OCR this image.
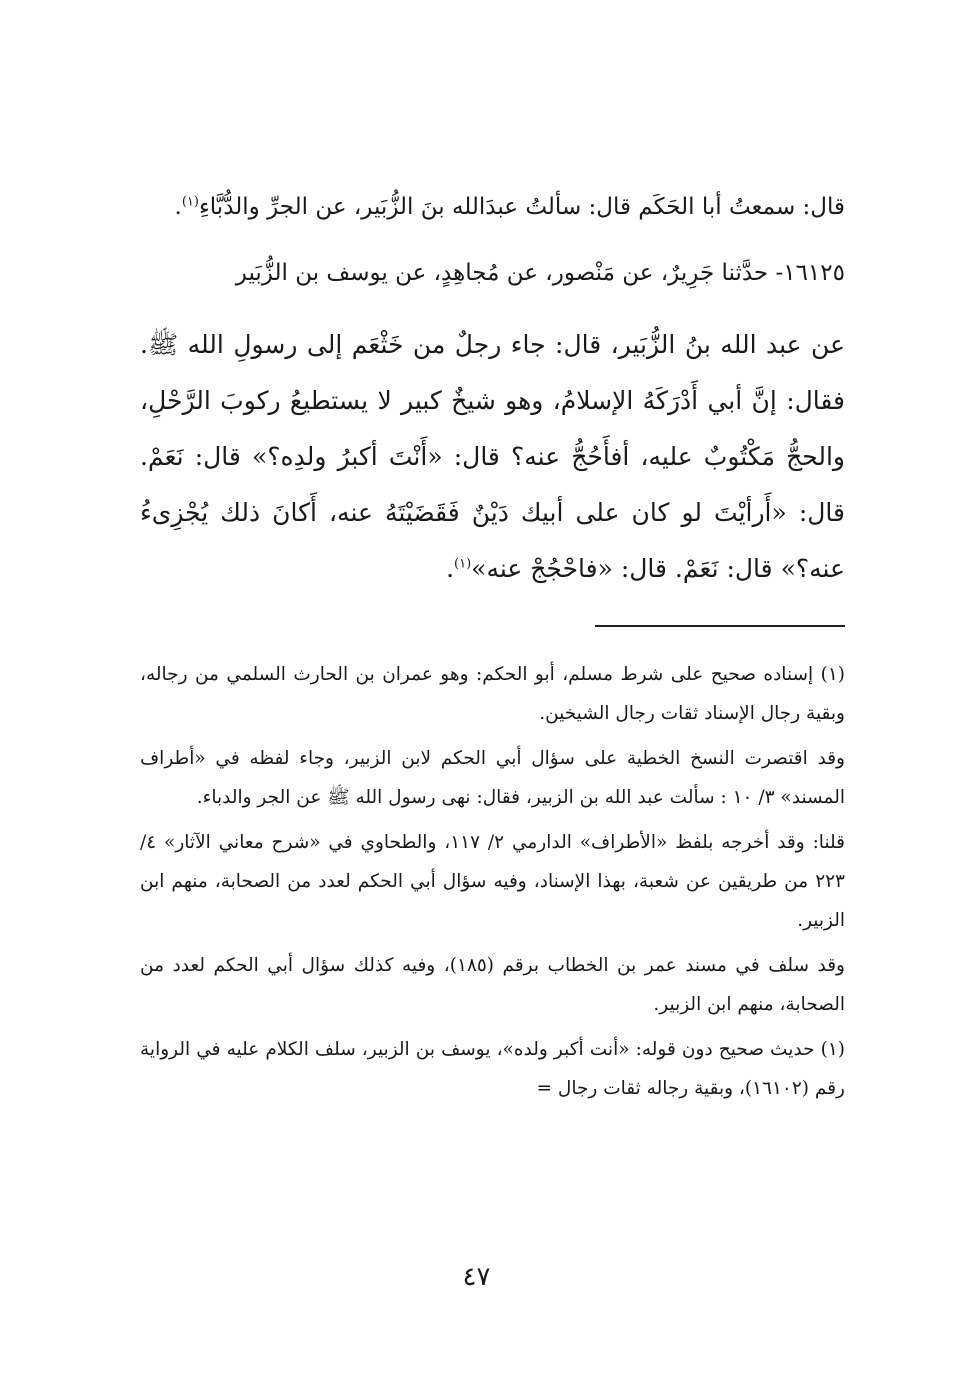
قال: سمعتُ أبا الحَكَم قال: سألتُ عبدَالله بنَ الزُّبَير، عن الجرِّ والدُّبَّاءِ$^{(١)}$.

١٦١٢٥- حدَّثنا جَرِيرٌ، عن مَنْصور، عن مُجاهِدٍ، عن يوسف بن الزُّبَير

عن عبد الله بنُ الزُّبَير، قال: جاء رجلٌ من خَثْعَم إلى رسولِ الله ﷺ. فقال: إنَّ أبي أَدْرَكَهُ الإسلامُ، وهو شيخٌ كبير لا يستطيعُ ركوبَ الرَّحْلِ، والحجُّ مَكْتُوبٌ عليه، أفأَحُجُّ عنه؟ قال: «أَنْتَ أكبرُ ولدِه؟» قال: نَعَمْ. قال: «أَرأيْتَ لو كان على أبيك دَيْنٌ فَقَضَيْتَهُ عنه، أَكانَ ذلك يُجْزِىءُ عنه؟» قال: نَعَمْ. قال: «فاحْجُجْ عنه»$^{(١)}$.

(١) إسناده صحيح على شرط مسلم، أبو الحكم: وهو عمران بن الحارث السلمي من رجاله، وبقية رجال الإسناد ثقات رجال الشيخين.

وقد اقتصرت النسخ الخطية على سؤال أبي الحكم لابن الزبير، وجاء لفظه في «أطراف المسند» ٣/ ١٠ : سألت عبد الله بن الزبير، فقال: نهى رسول الله ﷺ عن الجر والدباء.

قلنا: وقد أخرجه بلفظ «الأطراف» الدارمي ٢/ ١١٧، والطحاوي في «شرح معاني الآثار» ٤/ ٢٢٣ من طريقين عن شعبة، بهذا الإسناد، وفيه سؤال أبي الحكم لعدد من الصحابة، منهم ابن الزبير.

وقد سلف في مسند عمر بن الخطاب برقم (١٨٥)، وفيه كذلك سؤال أبي الحكم لعدد من الصحابة، منهم ابن الزبير.

(١) حديث صحيح دون قوله: «أنت أكبر ولده»، يوسف بن الزبير، سلف الكلام عليه في الرواية رقم (١٦١٠٢)، وبقية رجاله ثقات رجال =

٤٧
